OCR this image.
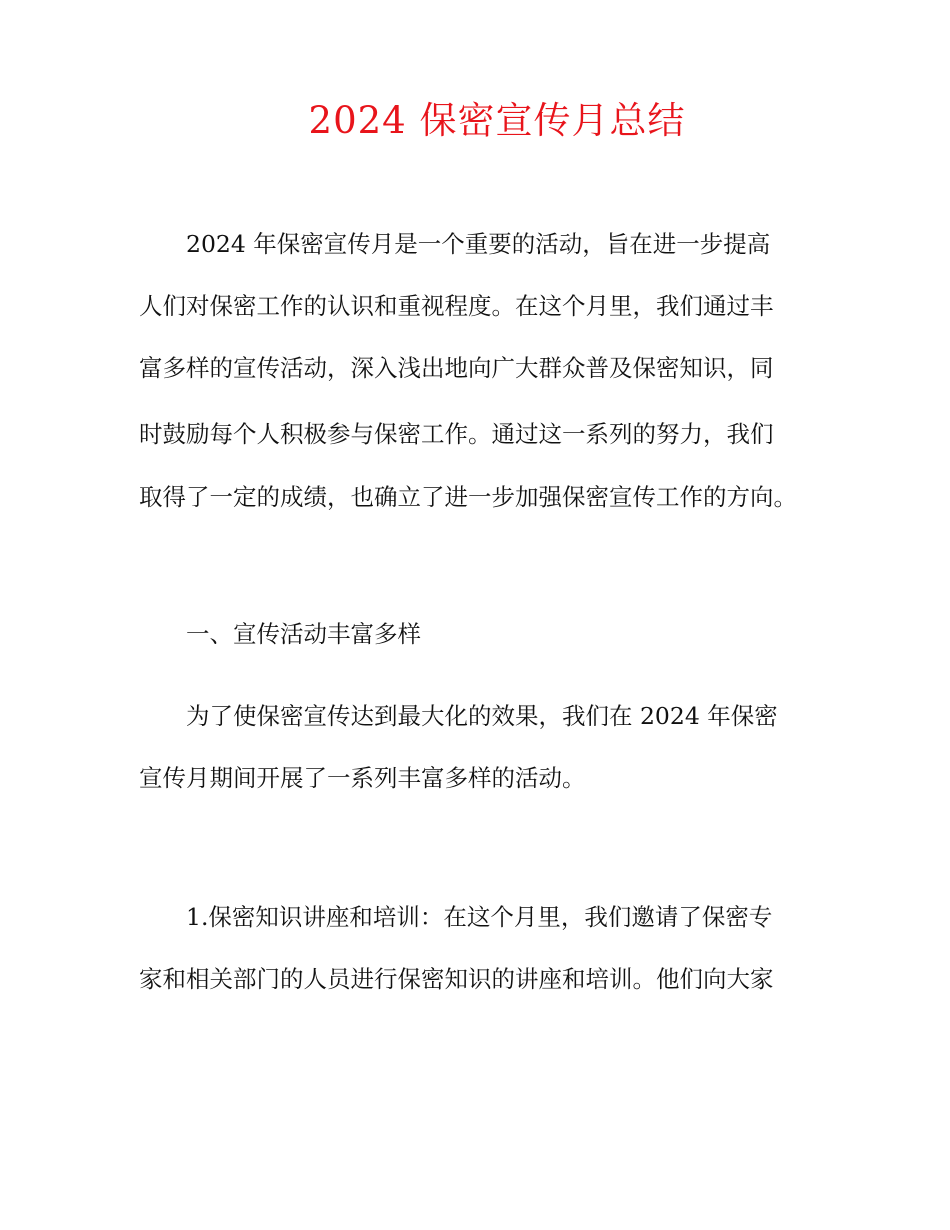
2024 保密宣传月总结
2024 年保密宣传月是一个重要的活动，旨在进一步提高
人们对保密工作的认识和重视程度。在这个月里，我们通过丰
富多样的宣传活动，深入浅出地向广大群众普及保密知识，同
时鼓励每个人积极参与保密工作。通过这一系列的努力，我们
取得了一定的成绩，也确立了进一步加强保密宣传工作的方向。
一、宣传活动丰富多样
为了使保密宣传达到最大化的效果，我们在 2024 年保密
宣传月期间开展了一系列丰富多样的活动。
1.保密知识讲座和培训：在这个月里，我们邀请了保密专
家和相关部门的人员进行保密知识的讲座和培训。他们向大家
